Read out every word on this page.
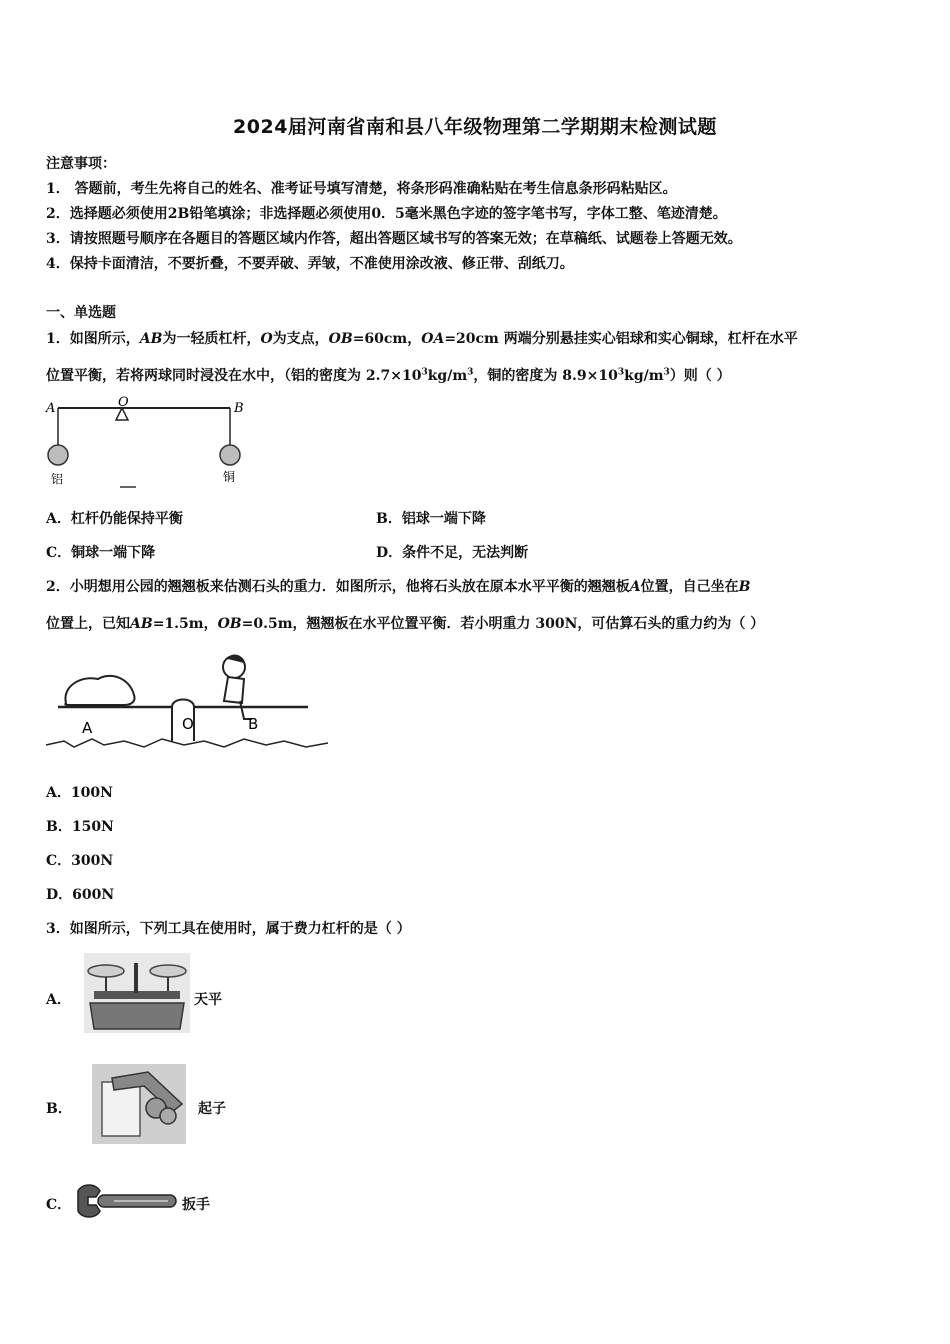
2024届河南省南和县八年级物理第二学期期末检测试题
注意事项：
1． 答题前，考生先将自己的姓名、准考证号填写清楚，将条形码准确粘贴在考生信息条形码粘贴区。
2．选择题必须使用2B铅笔填涂；非选择题必须使用0．5毫米黑色字迹的签字笔书写，字体工整、笔迹清楚。
3．请按照题号顺序在各题目的答题区域内作答，超出答题区域书写的答案无效；在草稿纸、试题卷上答题无效。
4．保持卡面清洁，不要折叠，不要弄破、弄皱，不准使用涂改液、修正带、刮纸刀。
一、单选题
1．如图所示，AB为一轻质杠杆，O为支点，OB=60cm，OA=20cm 两端分别悬挂实心铝球和实心铜球，杠杆在水平
位置平衡，若将两球同时浸没在水中，（铝的密度为 $2.7\times 10^3kg/m^3$，铜的密度为 $8.9\times 10^3kg/m^3$）则（ ）
A	O	B
铝	铜
A．杠杆仍能保持平衡	B．铝球一端下降
C．铜球一端下降	D．条件不足，无法判断
2．小明想用公园的翘翘板来估测石头的重力．如图所示，他将石头放在原本水平平衡的翘翘板A位置，自己坐在B
位置上，已知AB=1.5m，OB=0.5m，翘翘板在水平位置平衡．若小明重力 300N，可估算石头的重力约为（ ）
A	O	B
A．100N
B．150N
C．300N
D．600N
3．如图所示，下列工具在使用时，属于费力杠杆的是（ ）
A．	天平
B．	起子
C．	扳手
